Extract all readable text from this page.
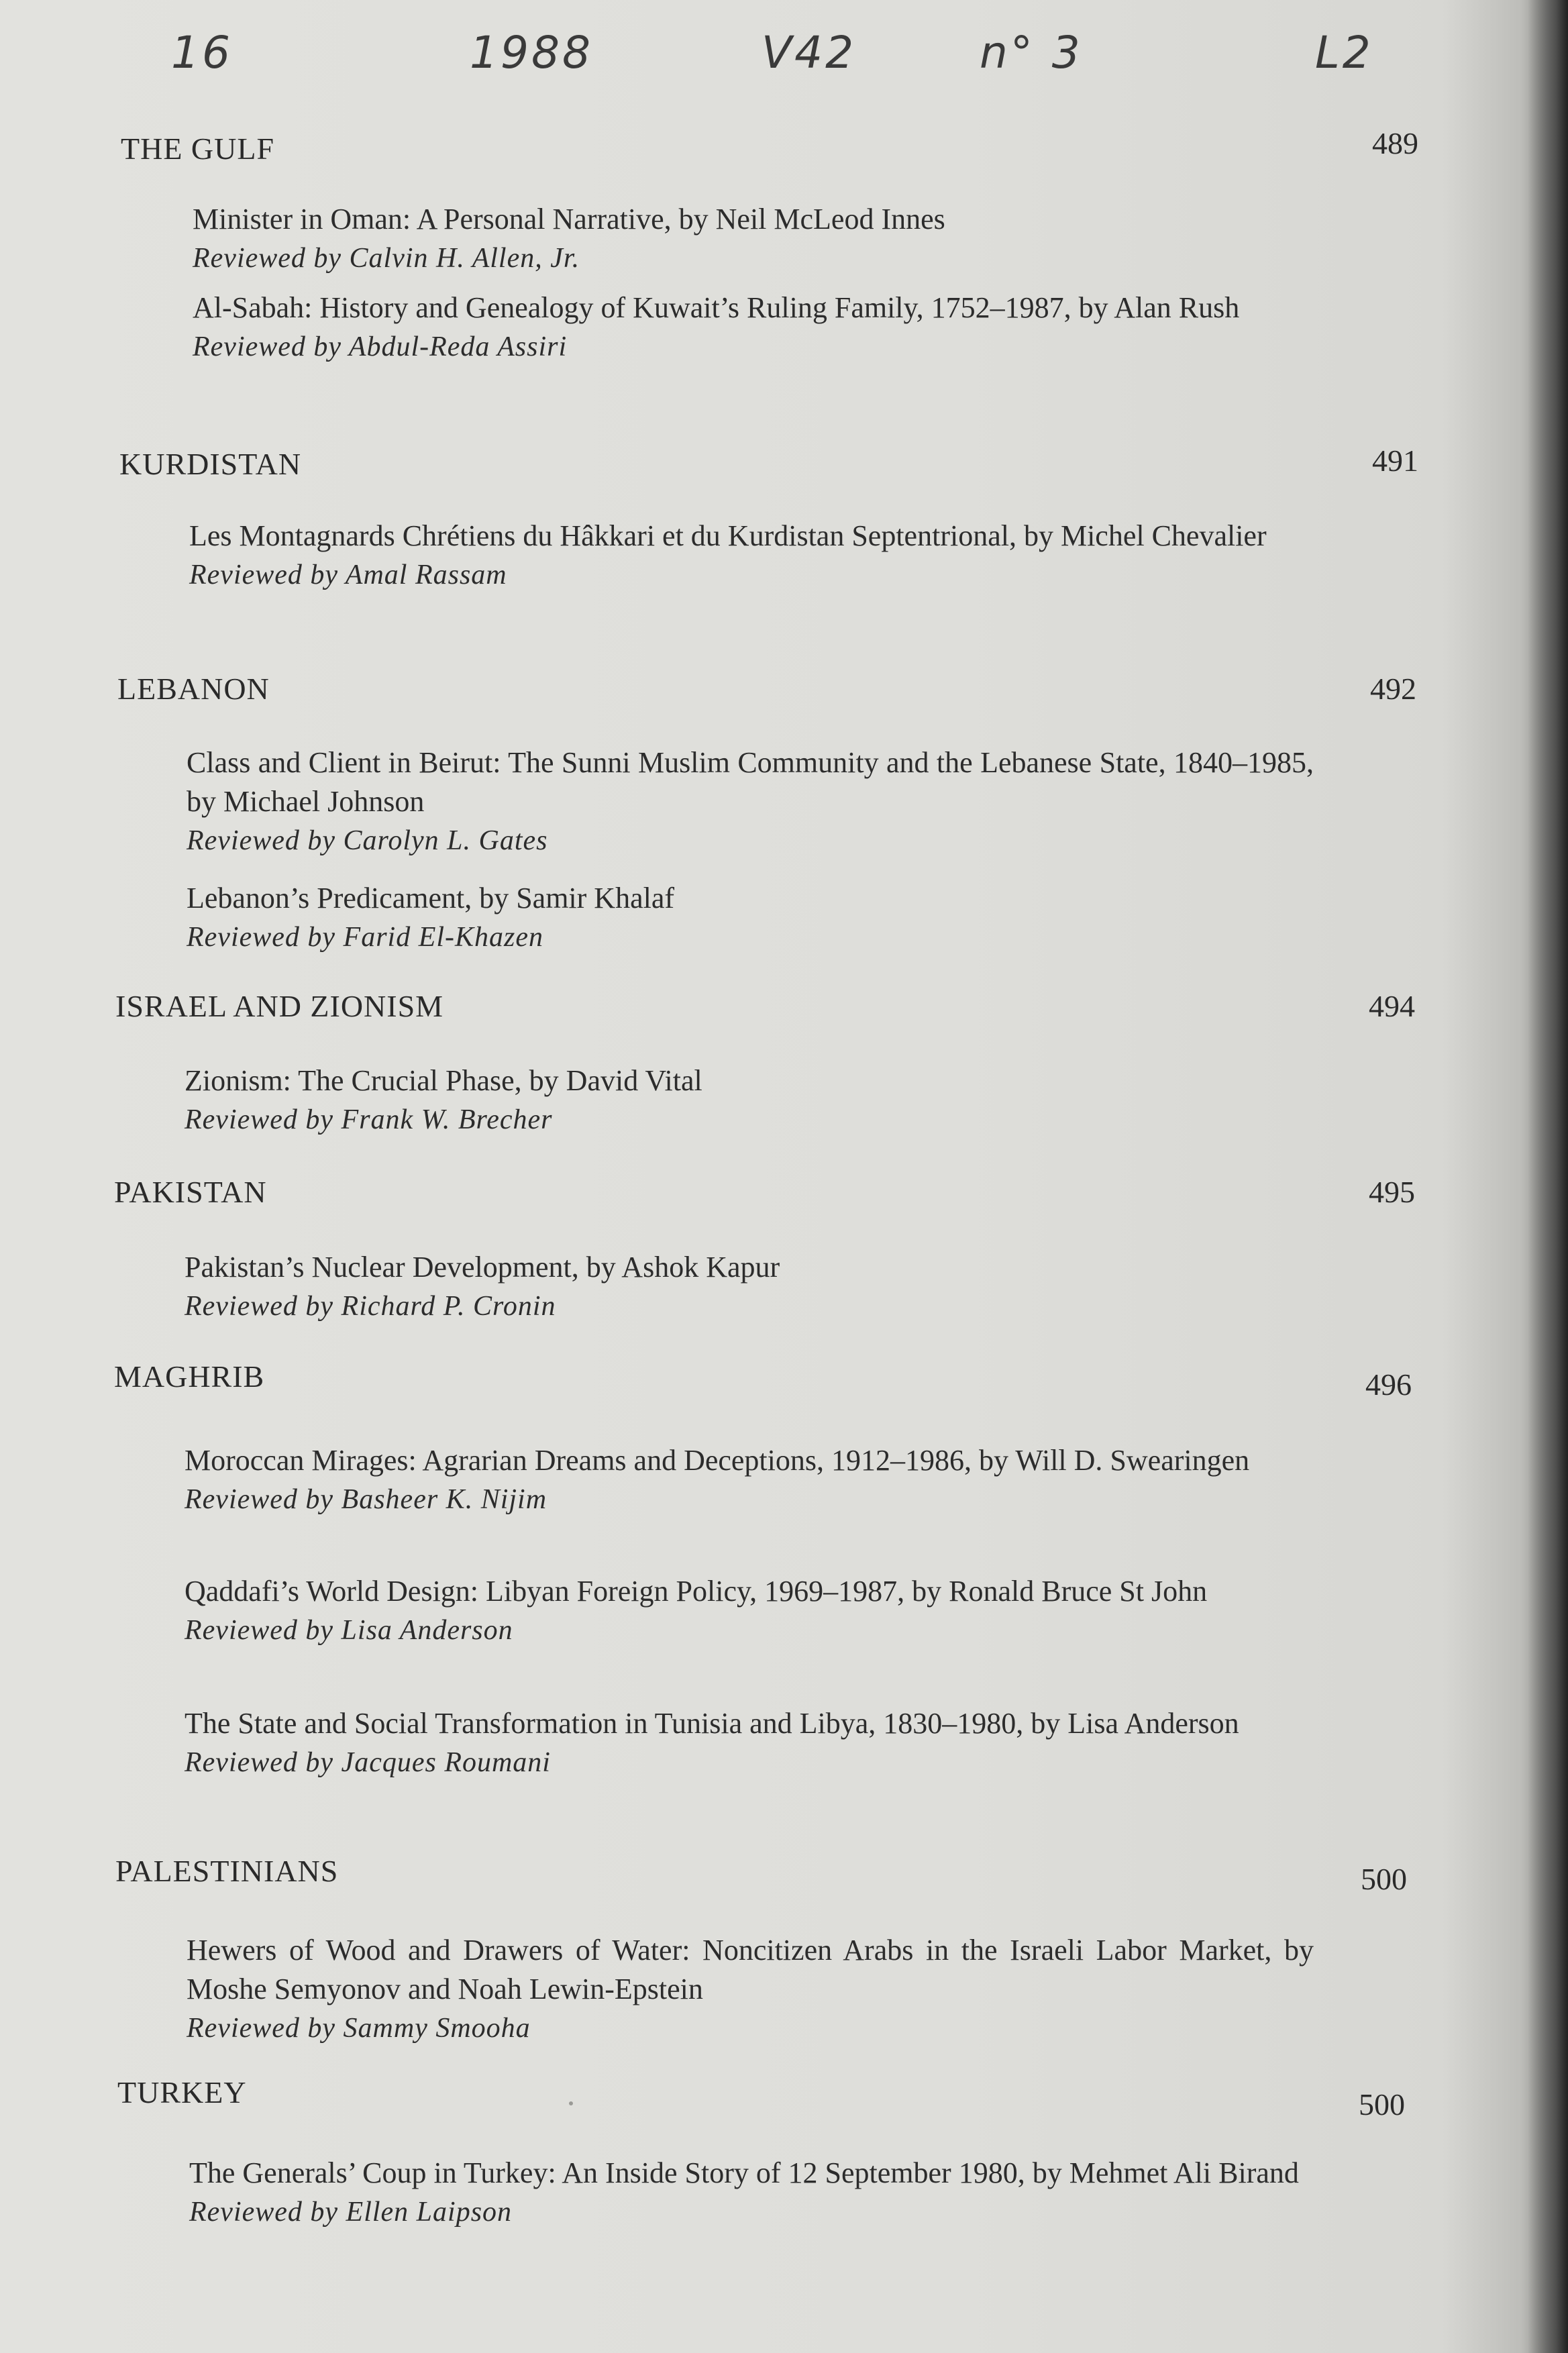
16	1988	V42	n° 3	L2
THE GULF	489
Minister in Oman: A Personal Narrative, by Neil McLeod Innes
Reviewed by Calvin H. Allen, Jr.
Al-Sabah: History and Genealogy of Kuwait’s Ruling Family, 1752–1987, by Alan Rush
Reviewed by Abdul-Reda Assiri
KURDISTAN	491
Les Montagnards Chrétiens du Hâkkari et du Kurdistan Septentrional, by Michel Chevalier
Reviewed by Amal Rassam
LEBANON	492
Class and Client in Beirut: The Sunni Muslim Community and the Lebanese State, 1840–1985, by Michael Johnson
Reviewed by Carolyn L. Gates
Lebanon’s Predicament, by Samir Khalaf
Reviewed by Farid El-Khazen
ISRAEL AND ZIONISM	494
Zionism: The Crucial Phase, by David Vital
Reviewed by Frank W. Brecher
PAKISTAN	495
Pakistan’s Nuclear Development, by Ashok Kapur
Reviewed by Richard P. Cronin
MAGHRIB	496
Moroccan Mirages: Agrarian Dreams and Deceptions, 1912–1986, by Will D. Swearingen
Reviewed by Basheer K. Nijim
Qaddafi’s World Design: Libyan Foreign Policy, 1969–1987, by Ronald Bruce St John
Reviewed by Lisa Anderson
The State and Social Transformation in Tunisia and Libya, 1830–1980, by Lisa Anderson
Reviewed by Jacques Roumani
PALESTINIANS	500
Hewers of Wood and Drawers of Water: Noncitizen Arabs in the Israeli Labor Market, by Moshe Semyonov and Noah Lewin-Epstein
Reviewed by Sammy Smooha
TURKEY	500
The Generals’ Coup in Turkey: An Inside Story of 12 September 1980, by Mehmet Ali Birand
Reviewed by Ellen Laipson
